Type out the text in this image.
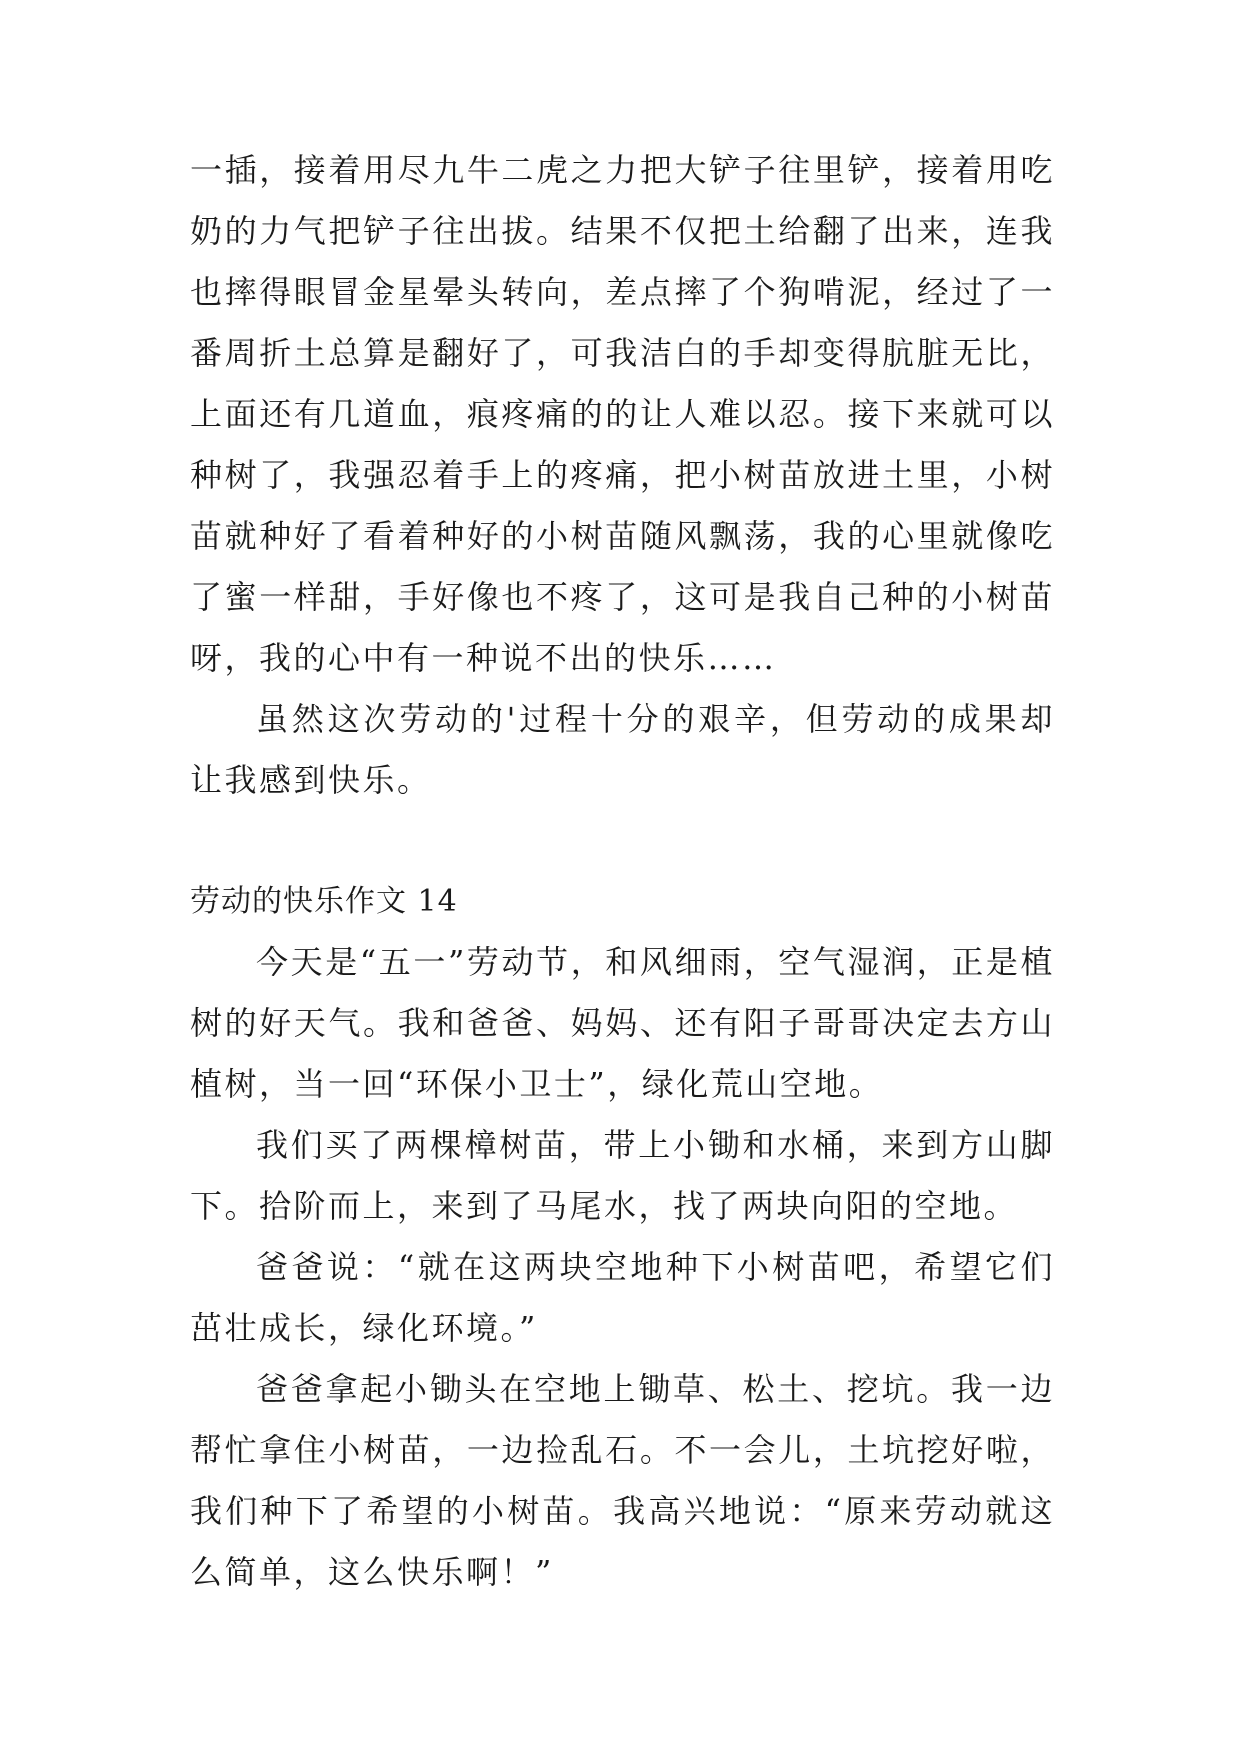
一插，接着用尽九牛二虎之力把大铲子往里铲，接着用吃奶的力气把铲子往出拔。结果不仅把土给翻了出来，连我也摔得眼冒金星晕头转向，差点摔了个狗啃泥，经过了一番周折土总算是翻好了，可我洁白的手却变得肮脏无比，上面还有几道血，痕疼痛的的让人难以忍。接下来就可以种树了，我强忍着手上的疼痛，把小树苗放进土里，小树苗就种好了看着种好的小树苗随风飘荡，我的心里就像吃了蜜一样甜，手好像也不疼了，这可是我自己种的小树苗呀，我的心中有一种说不出的快乐……

虽然这次劳动的'过程十分的艰辛，但劳动的成果却让我感到快乐。

劳动的快乐作文 14

今天是“五一”劳动节，和风细雨，空气湿润，正是植树的好天气。我和爸爸、妈妈、还有阳子哥哥决定去方山植树，当一回“环保小卫士”，绿化荒山空地。

我们买了两棵樟树苗，带上小锄和水桶，来到方山脚下。拾阶而上，来到了马尾水，找了两块向阳的空地。

爸爸说：“就在这两块空地种下小树苗吧，希望它们茁壮成长，绿化环境。”

爸爸拿起小锄头在空地上锄草、松土、挖坑。我一边帮忙拿住小树苗，一边捡乱石。不一会儿，土坑挖好啦，我们种下了希望的小树苗。我高兴地说：“原来劳动就这么简单，这么快乐啊！”
